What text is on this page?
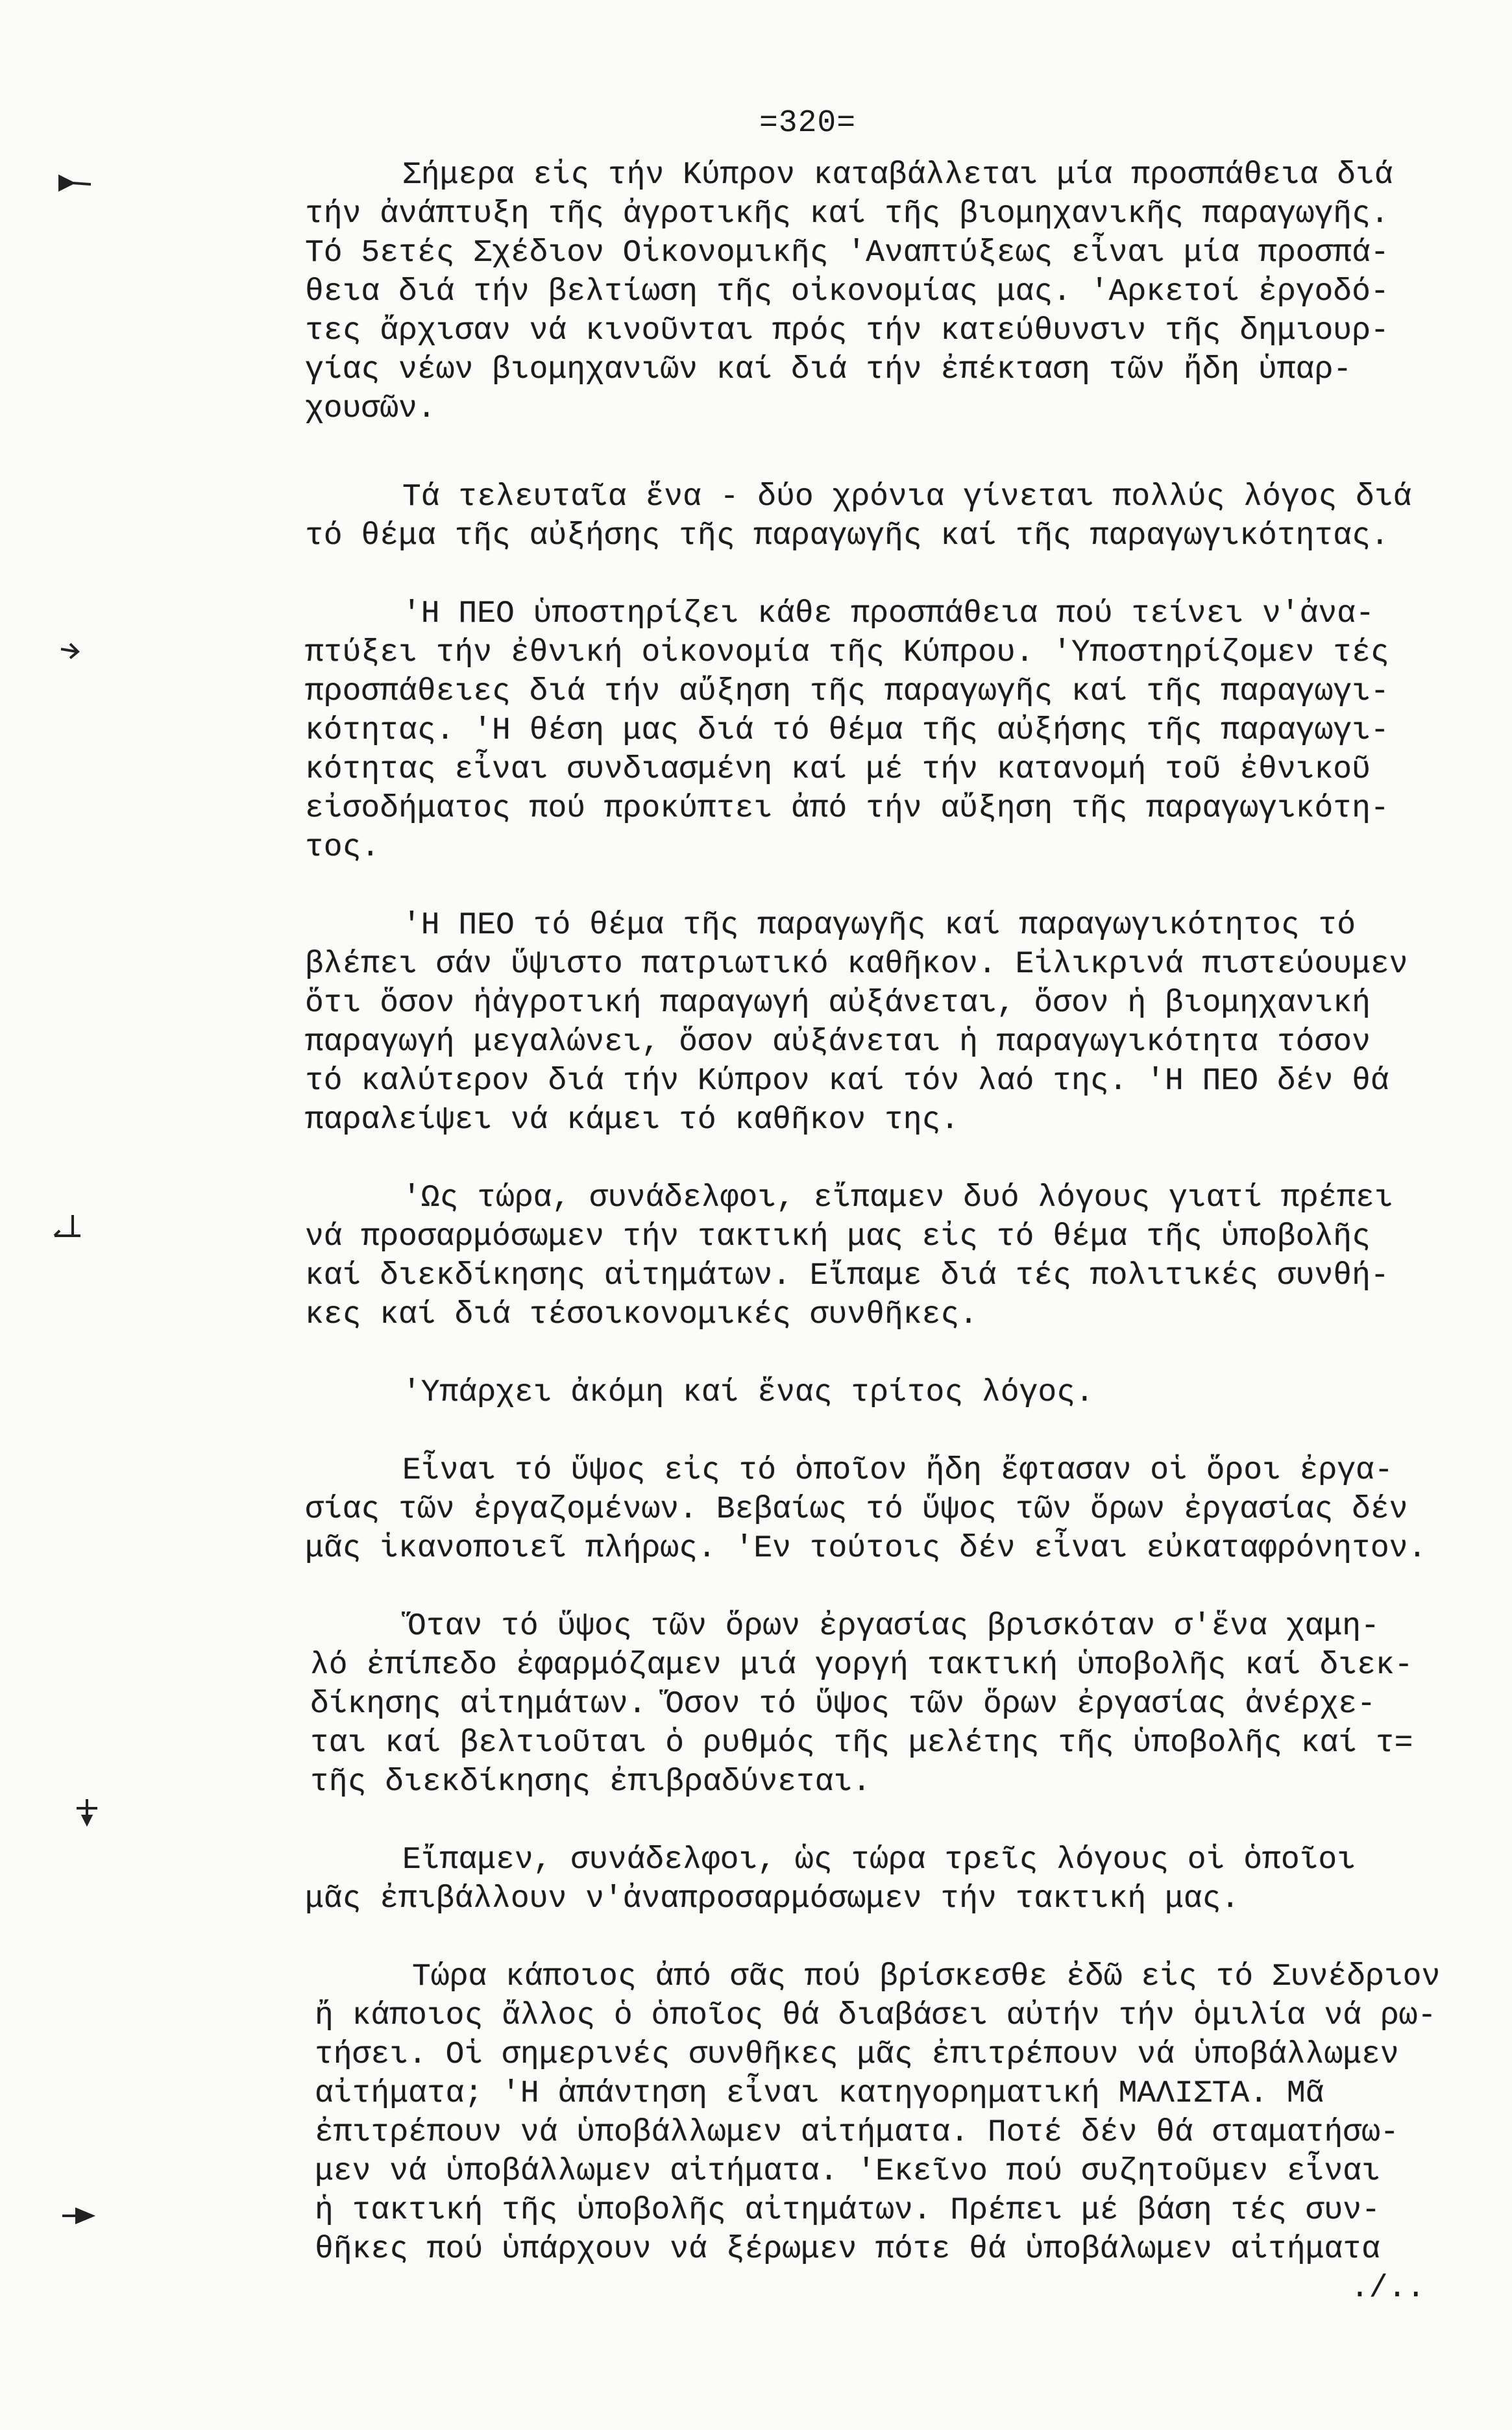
=320=
Σήμερα εἰς τήν Κύπρον καταβάλλεται μία προσπάθεια διά
τήν ἀνάπτυξη τῆς ἀγροτικῆς καί τῆς βιομηχανικῆς παραγωγῆς.
Τό 5ετές Σχέδιον Οἰκονομικῆς 'Αναπτύξεως εἶναι μία προσπά-
θεια διά τήν βελτίωση τῆς οἰκονομίας μας. 'Αρκετοί ἐργοδό-
τες ἄρχισαν νά κινοῦνται πρός τήν κατεύθυνσιν τῆς δημιουρ-
γίας νέων βιομηχανιῶν καί διά τήν ἐπέκταση τῶν ἤδη ὑπαρ-
χουσῶν.
Τά τελευταῖα ἕνα - δύο χρόνια γίνεται πολλύς λόγος διά
τό θέμα τῆς αὐξήσης τῆς παραγωγῆς καί τῆς παραγωγικότητας.
'Η ΠΕΟ ὑποστηρίζει κάθε προσπάθεια πού τείνει ν'ἀνα-
πτύξει τήν ἐθνική οἰκονομία τῆς Κύπρου. 'Υποστηρίζομεν τές
προσπάθειες διά τήν αὔξηση τῆς παραγωγῆς καί τῆς παραγωγι-
κότητας. 'Η θέση μας διά τό θέμα τῆς αὐξήσης τῆς παραγωγι-
κότητας εἶναι συνδιασμένη καί μέ τήν κατανομή τοῦ ἐθνικοῦ
εἰσοδήματος πού προκύπτει ἀπό τήν αὔξηση τῆς παραγωγικότη-
τος.
'Η ΠΕΟ τό θέμα τῆς παραγωγῆς καί παραγωγικότητος τό
βλέπει σάν ὕψιστο πατριωτικό καθῆκον. Εἰλικρινά πιστεύουμεν
ὅτι ὅσον ἡἀγροτική παραγωγή αὐξάνεται, ὅσον ἡ βιομηχανική
παραγωγή μεγαλώνει, ὅσον αὐξάνεται ἡ παραγωγικότητα τόσον
τό καλύτερον διά τήν Κύπρον καί τόν λαό της. 'Η ΠΕΟ δέν θά
παραλείψει νά κάμει τό καθῆκον της.
'Ως τώρα, συνάδελφοι, εἴπαμεν δυό λόγους γιατί πρέπει
νά προσαρμόσωμεν τήν τακτική μας εἰς τό θέμα τῆς ὑποβολῆς
καί διεκδίκησης αἰτημάτων. Εἴπαμε διά τές πολιτικές συνθή-
κες καί διά τέσοικονομικές συνθῆκες.
'Υπάρχει ἀκόμη καί ἕνας τρίτος λόγος.
Εἶναι τό ὕψος εἰς τό ὁποῖον ἤδη ἔφτασαν οἱ ὅροι ἐργα-
σίας τῶν ἐργαζομένων. Βεβαίως τό ὕψος τῶν ὅρων ἐργασίας δέν
μᾶς ἱκανοποιεῖ πλήρως. 'Εν τούτοις δέν εἶναι εὐκαταφρόνητον.
Ὅταν τό ὕψος τῶν ὅρων ἐργασίας βρισκόταν σ'ἕνα χαμη-
λό ἐπίπεδο ἐφαρμόζαμεν μιά γοργή τακτική ὑποβολῆς καί διεκ-
δίκησης αἰτημάτων. Ὅσον τό ὕψος τῶν ὅρων ἐργασίας ἀνέρχε-
ται καί βελτιοῦται ὁ ρυθμός τῆς μελέτης τῆς ὑποβολῆς καί τ=
τῆς διεκδίκησης ἐπιβραδύνεται.
Εἴπαμεν, συνάδελφοι, ὡς τώρα τρεῖς λόγους οἱ ὁποῖοι
μᾶς ἐπιβάλλουν ν'ἀναπροσαρμόσωμεν τήν τακτική μας.
Τώρα κάποιος ἀπό σᾶς πού βρίσκεσθε ἐδῶ εἰς τό Συνέδριον
ἤ κάποιος ἄλλος ὁ ὁποῖος θά διαβάσει αὐτήν τήν ὁμιλία νά ρω-
τήσει. Οἱ σημερινές συνθῆκες μᾶς ἐπιτρέπουν νά ὑποβάλλωμεν
αἰτήματα; 'Η ἀπάντηση εἶναι κατηγορηματική ΜΑΛΙΣΤΑ. Μᾶ
ἐπιτρέπουν νά ὑποβάλλωμεν αἰτήματα. Ποτέ δέν θά σταματήσω-
μεν νά ὑποβάλλωμεν αἰτήματα. 'Εκεῖνο πού συζητοῦμεν εἶναι
ἡ τακτική τῆς ὑποβολῆς αἰτημάτων. Πρέπει μέ βάση τές συν-
θῆκες πού ὑπάρχουν νά ξέρωμεν πότε θά ὑποβάλωμεν αἰτήματα
./..
